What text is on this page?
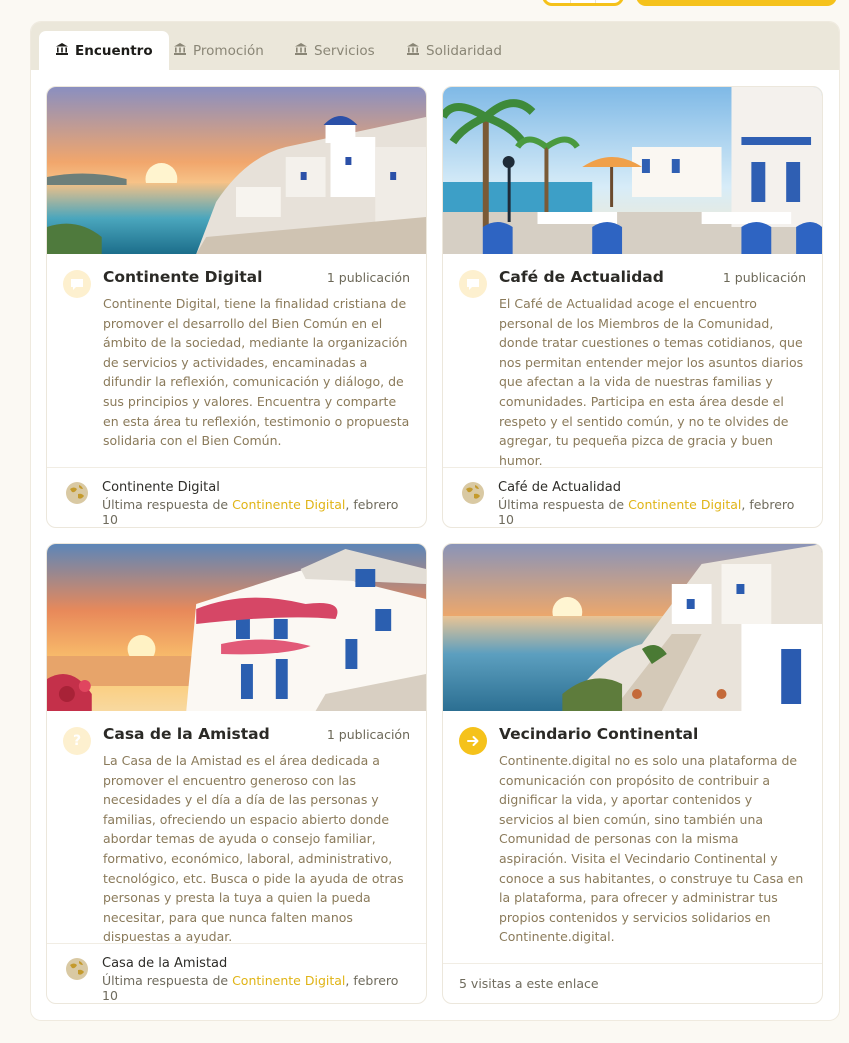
Encuentro	Promoción	Servicios	Solidaridad
Continente Digital	1 publicación

Continente Digital, tiene la finalidad cristiana de promover el desarrollo del Bien Común en el ámbito de la sociedad, mediante la organización de servicios y actividades, encaminadas a difundir la reflexión, comunicación y diálogo, de sus principios y valores. Encuentra y comparte en esta área tu reflexión, testimonio o propuesta solidaria con el Bien Común.

Continente Digital
Última respuesta de Continente Digital, febrero 10
Café de Actualidad	1 publicación

El Café de Actualidad acoge el encuentro personal de los Miembros de la Comunidad, donde tratar cuestiones o temas cotidianos, que nos permitan entender mejor los asuntos diarios que afectan a la vida de nuestras familias y comunidades. Participa en esta área desde el respeto y el sentido común, y no te olvides de agregar, tu pequeña pizca de gracia y buen humor.

Café de Actualidad
Última respuesta de Continente Digital, febrero 10
? Casa de la Amistad	1 publicación

La Casa de la Amistad es el área dedicada a promover el encuentro generoso con las necesidades y el día a día de las personas y familias, ofreciendo un espacio abierto donde abordar temas de ayuda o consejo familiar, formativo, económico, laboral, administrativo, tecnológico, etc. Busca o pide la ayuda de otras personas y presta la tuya a quien la pueda necesitar, para que nunca falten manos dispuestas a ayudar.

Casa de la Amistad
Última respuesta de Continente Digital, febrero 10
Vecindario Continental

Continente.digital no es solo una plataforma de comunicación con propósito de contribuir a dignificar la vida, y aportar contenidos y servicios al bien común, sino también una Comunidad de personas con la misma aspiración. Visita el Vecindario Continental y conoce a sus habitantes, o construye tu Casa en la plataforma, para ofrecer y administrar tus propios contenidos y servicios solidarios en Continente.digital.

5 visitas a este enlace
